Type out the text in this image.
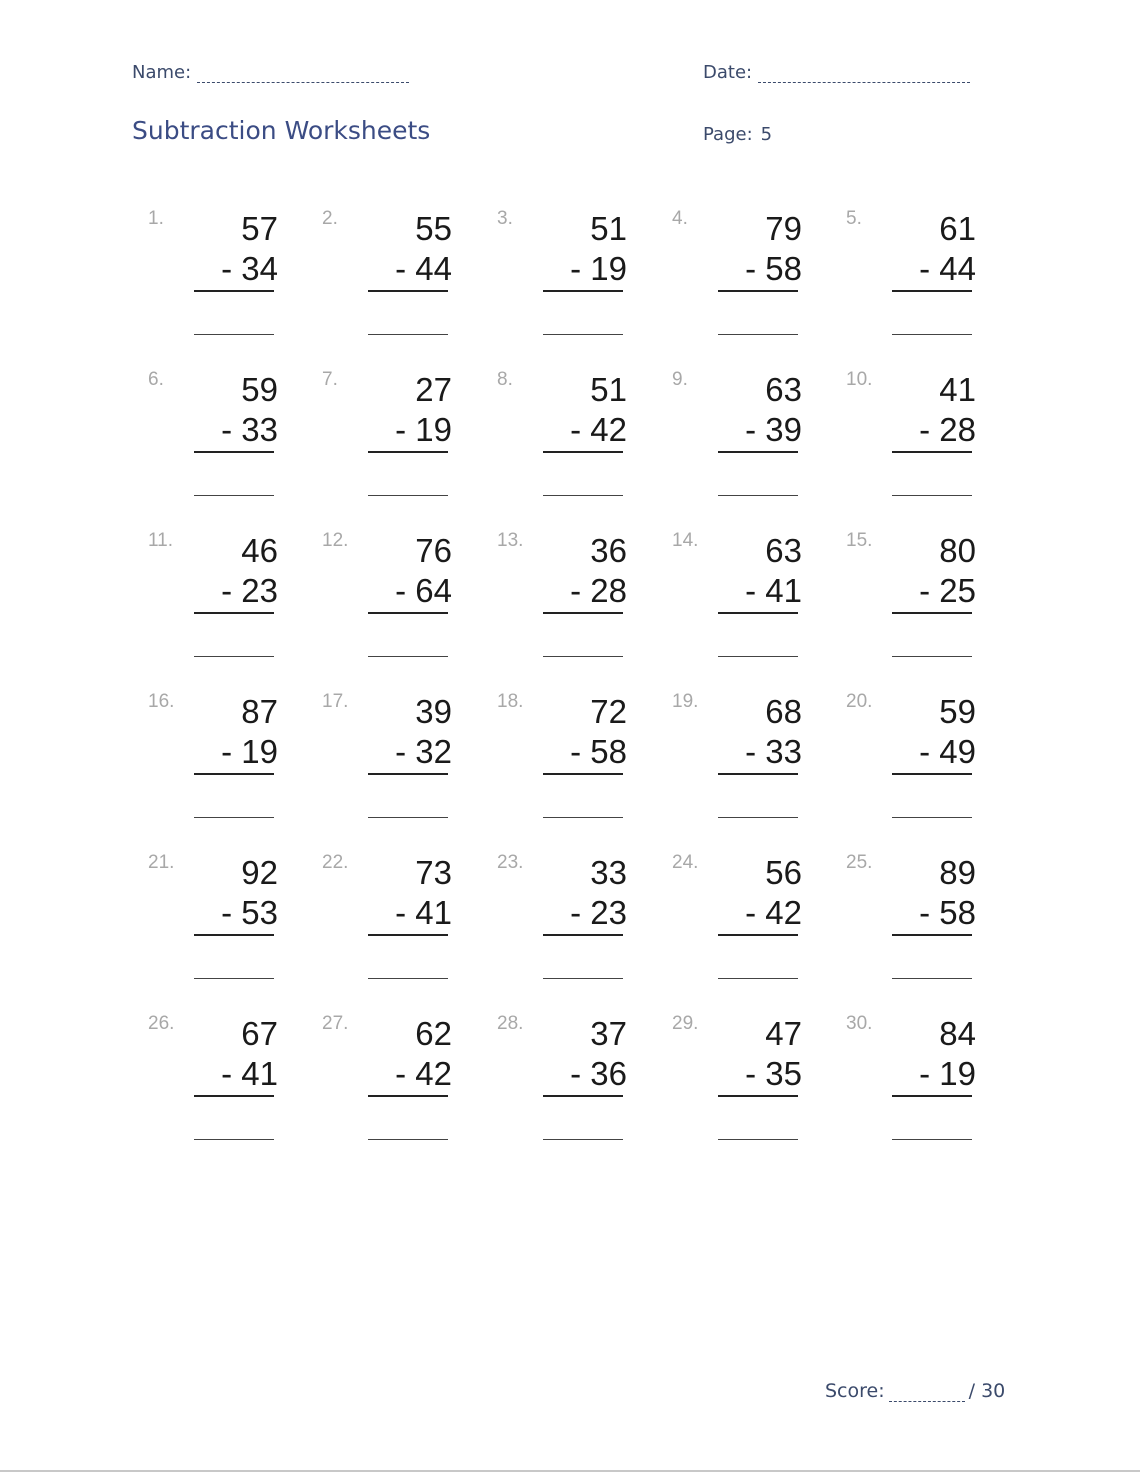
Name:	Date:
Subtraction Worksheets	Page: 5
1.	57
- 34
2.	55
- 44
3.	51
- 19
4.	79
- 58
5.	61
- 44
6.	59
- 33
7.	27
- 19
8.	51
- 42
9.	63
- 39
10.	41
- 28
11.	46
- 23
12.	76
- 64
13.	36
- 28
14.	63
- 41
15.	80
- 25
16.	87
- 19
17.	39
- 32
18.	72
- 58
19.	68
- 33
20.	59
- 49
21.	92
- 53
22.	73
- 41
23.	33
- 23
24.	56
- 42
25.	89
- 58
26.	67
- 41
27.	62
- 42
28.	37
- 36
29.	47
- 35
30.	84
- 19
Score:	/ 30
